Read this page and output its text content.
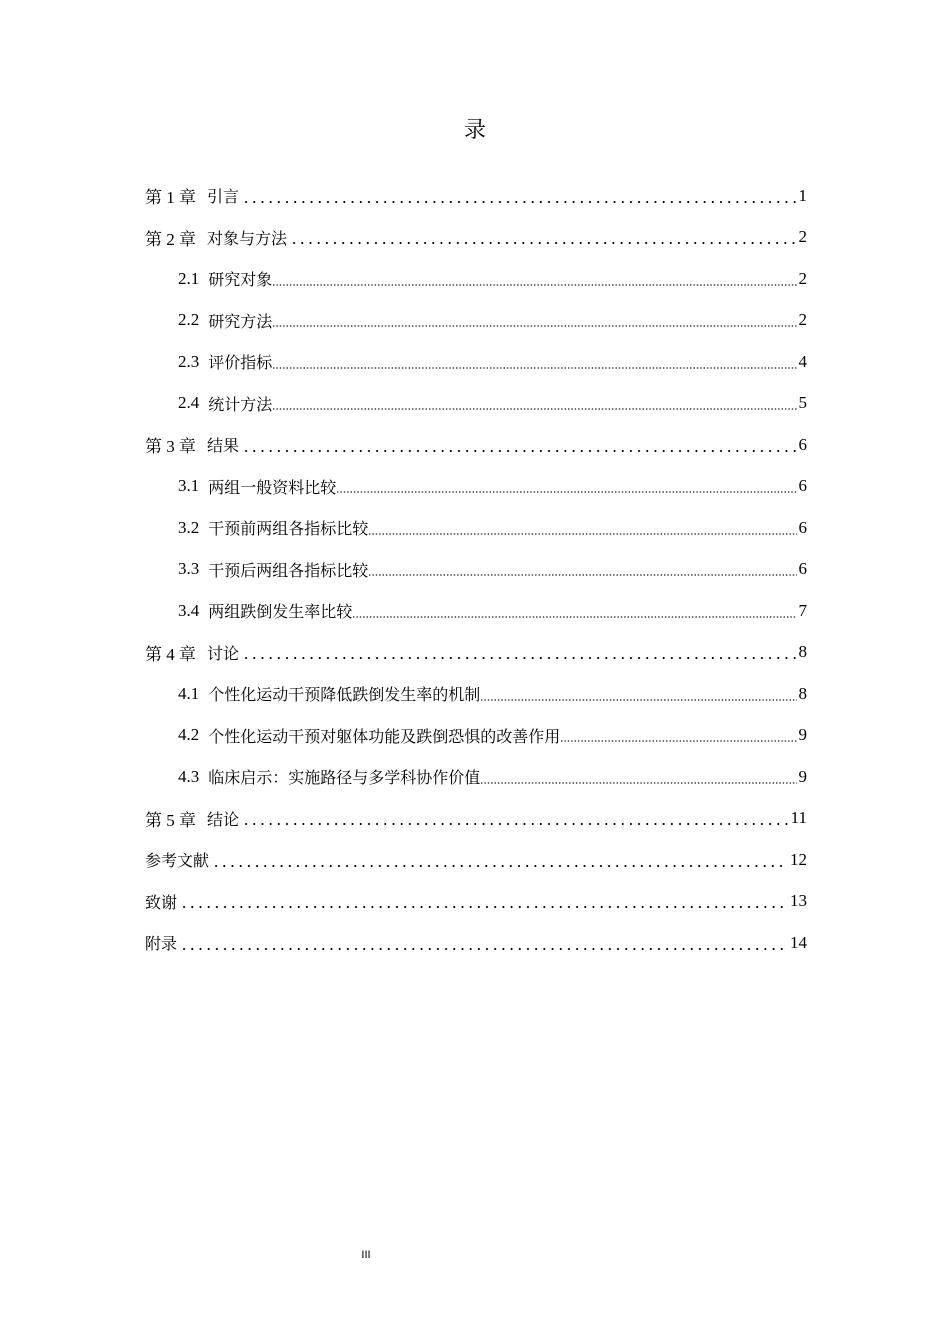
录
第 1 章 引言	1
第 2 章 对象与方法	2
2.1 研究对象	2
2.2 研究方法	2
2.3 评价指标	4
2.4 统计方法	5
第 3 章 结果	6
3.1 两组一般资料比较	6
3.2 干预前两组各指标比较	6
3.3 干预后两组各指标比较	6
3.4 两组跌倒发生率比较	7
第 4 章 讨论	8
4.1 个性化运动干预降低跌倒发生率的机制	8
4.2 个性化运动干预对躯体功能及跌倒恐惧的改善作用	9
4.3 临床启示：实施路径与多学科协作价值	9
第 5 章 结论	11
参考文献	12
致谢	13
附录	14
III
